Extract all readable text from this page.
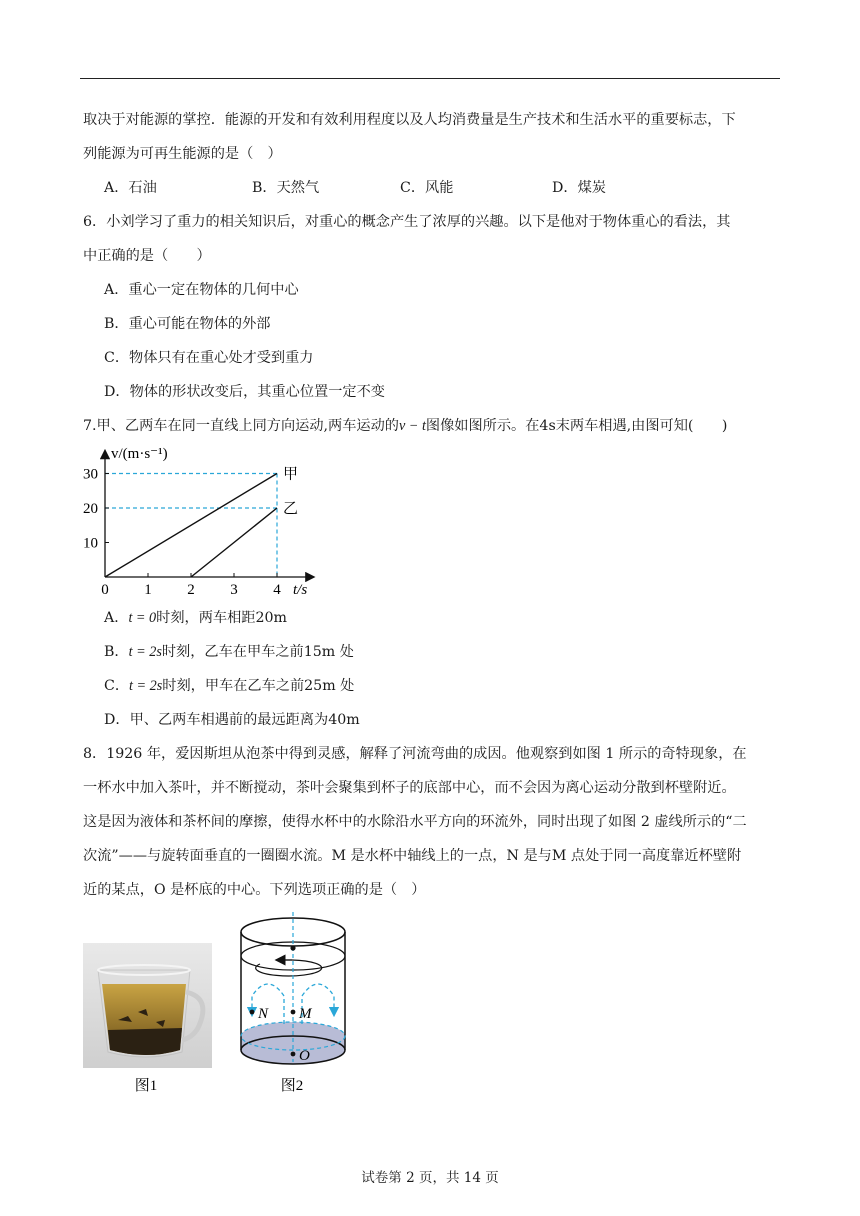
取决于对能源的掌控．能源的开发和有效利用程度以及人均消费量是生产技术和生活水平的重要标志，下
列能源为可再生能源的是（　）
A．石油	B．天然气	C．风能	D．煤炭
6．小刘学习了重力的相关知识后，对重心的概念产生了浓厚的兴趣。以下是他对于物体重心的看法，其
中正确的是（　　）
A．重心一定在物体的几何中心
B．重心可能在物体的外部
C．物体只有在重心处才受到重力
D．物体的形状改变后，其重心位置一定不变
7.甲、乙两车在同一直线上同方向运动,两车运动的v − t图像如图所示。在4s末两车相遇,由图可知(　　)
0 1 2 3 4
10
20
30
v/(m·s⁻¹)
t/s
甲
乙
A．t = 0时刻，两车相距20m
B．t = 2s时刻，乙车在甲车之前15m 处
C．t = 2s时刻，甲车在乙车之前25m 处
D．甲、乙两车相遇前的最远距离为40m
8．1926 年，爱因斯坦从泡茶中得到灵感，解释了河流弯曲的成因。他观察到如图 1 所示的奇特现象，在
一杯水中加入茶叶，并不断搅动，茶叶会聚集到杯子的底部中心，而不会因为离心运动分散到杯壁附近。
这是因为液体和茶杯间的摩擦，使得水杯中的水除沿水平方向的环流外，同时出现了如图 2 虚线所示的“二
次流”——与旋转面垂直的一圈圈水流。M 是水杯中轴线上的一点，N 是与M 点处于同一高度靠近杯壁附
近的某点，O 是杯底的中心。下列选项正确的是（　）
图1
N M
O
图2
试卷第 2 页，共 14 页
